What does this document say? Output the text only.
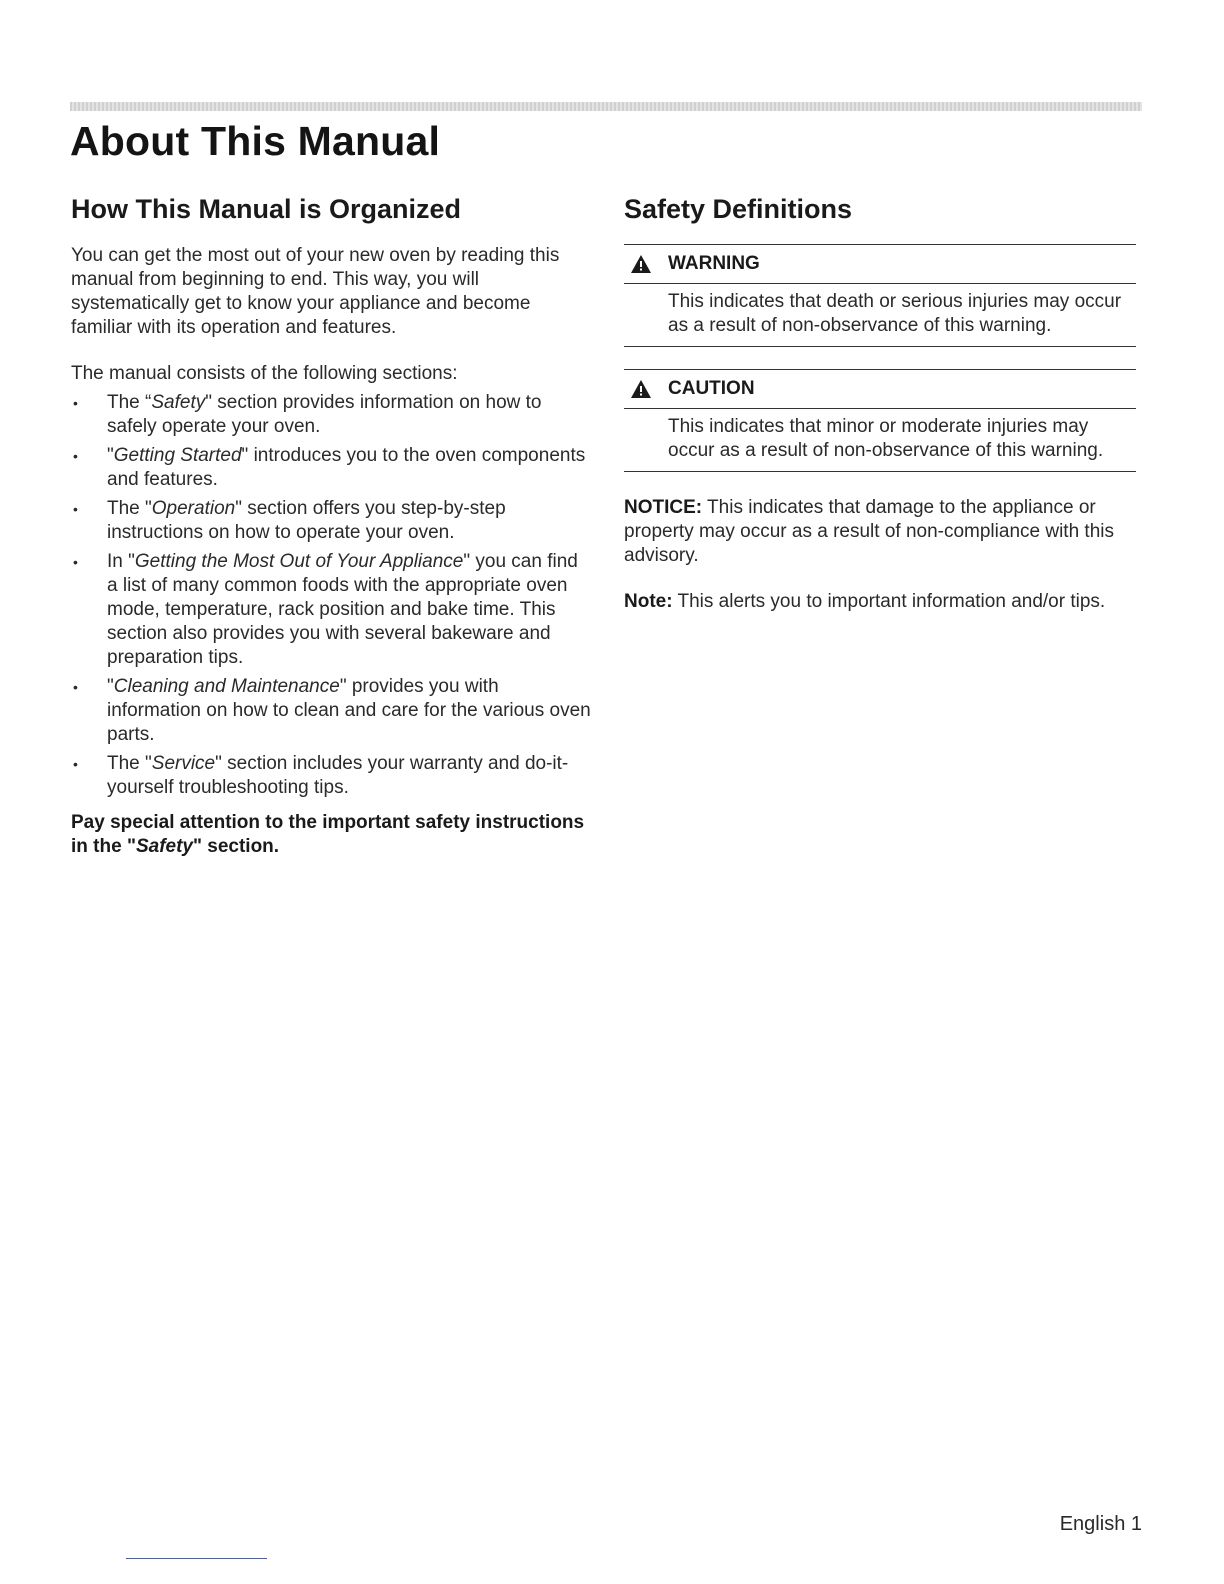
About This Manual
How This Manual is Organized

You can get the most out of your new oven by reading this manual from beginning to end. This way, you will systematically get to know your appliance and become familiar with its operation and features.

The manual consists of the following sections:

• The “Safety" section provides information on how to safely operate your oven.
• "Getting Started" introduces you to the oven components and features.
• The "Operation" section offers you step-by-step instructions on how to operate your oven.
• In "Getting the Most Out of Your Appliance" you can find a list of many common foods with the appropriate oven mode, temperature, rack position and bake time. This section also provides you with several bakeware and preparation tips.
• "Cleaning and Maintenance" provides you with information on how to clean and care for the various oven parts.
• The "Service" section includes your warranty and do-it-yourself troubleshooting tips.

Pay special attention to the important safety instructions in the "Safety" section.

Safety Definitions
WARNING
This indicates that death or serious injuries may occur as a result of non-observance of this warning.
CAUTION
This indicates that minor or moderate injuries may occur as a result of non-observance of this warning.

NOTICE: This indicates that damage to the appliance or property may occur as a result of non-compliance with this advisory.

Note: This alerts you to important information and/or tips.

English 1
